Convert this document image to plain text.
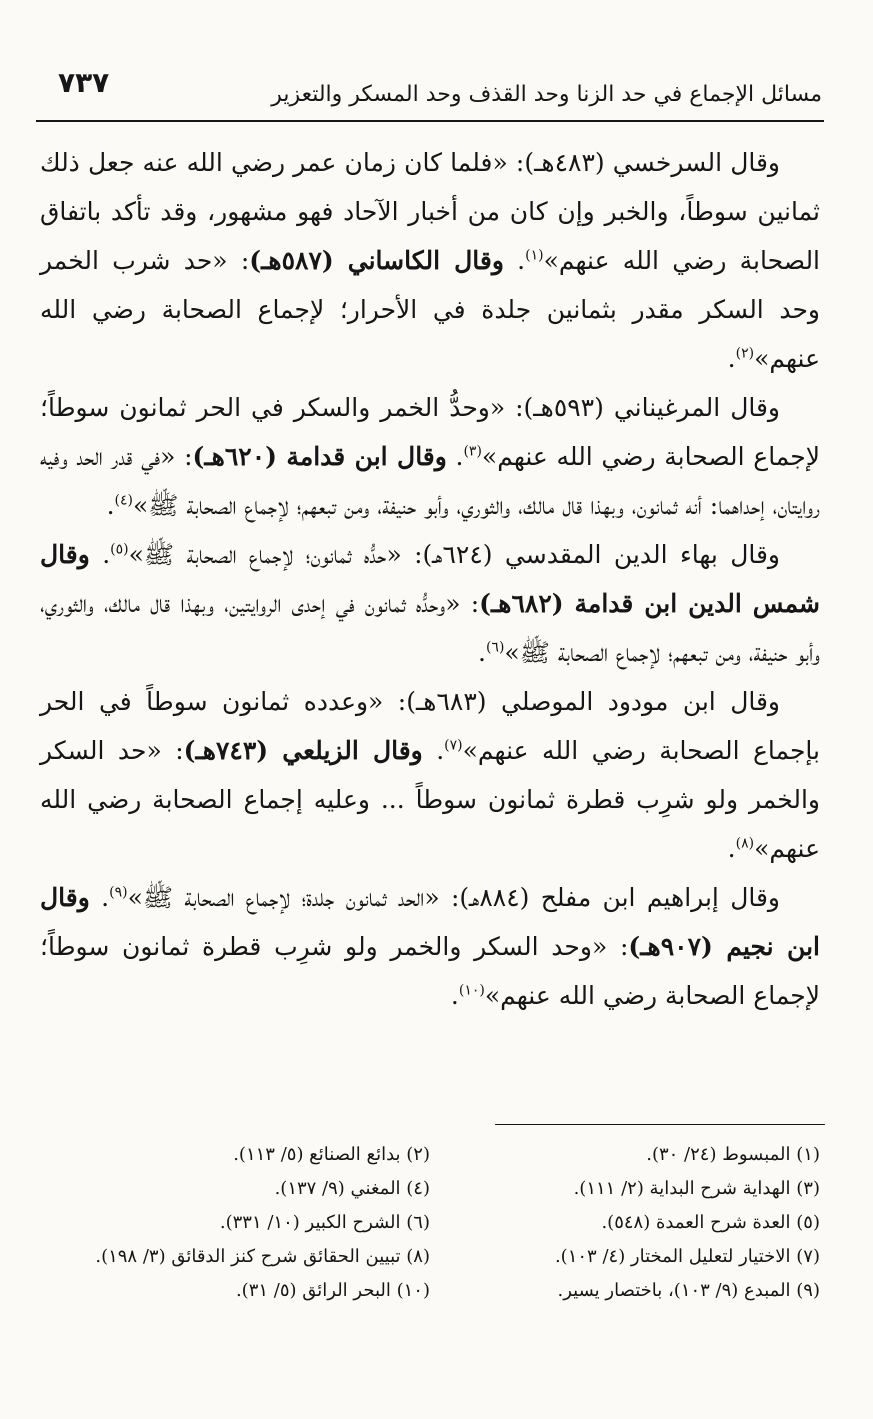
مسائل الإجماع في حد الزنا وحد القذف وحد المسكر والتعزير
٧٣٧

وقال السرخسي (٤٨٣هـ): «فلما كان زمان عمر رضي الله عنه جعل ذلك ثمانين سوطاً، والخبر وإن كان من أخبار الآحاد فهو مشهور، وقد تأكد باتفاق الصحابة رضي الله عنهم»$^{(١)}$. وقال الكاساني (٥٨٧هـ): «حد شرب الخمر وحد السكر مقدر بثمانين جلدة في الأحرار؛ لإجماع الصحابة رضي الله عنهم»$^{(٢)}$.

وقال المرغيناني (٥٩٣هـ): «وحدُّ الخمر والسكر في الحر ثمانون سوطاً؛ لإجماع الصحابة رضي الله عنهم»$^{(٣)}$. وقال ابن قدامة (٦٢٠هـ): «في قدر الحد وفيه روايتان، إحداهما: أنه ثمانون، وبهذا قال مالك، والثوري، وأبو حنيفة، ومن تبعهم؛ لإجماع الصحابة ﷺ»$^{(٤)}$.

وقال بهاء الدين المقدسي (٦٢٤هـ): «حدُّه ثمانون؛ لإجماع الصحابة ﷺ»$^{(٥)}$. وقال شمس الدين ابن قدامة (٦٨٢هـ): «وحدُّه ثمانون في إحدى الروايتين، وبهذا قال مالك، والثوري، وأبو حنيفة، ومن تبعهم؛ لإجماع الصحابة ﷺ»$^{(٦)}$.

وقال ابن مودود الموصلي (٦٨٣هـ): «وعدده ثمانون سوطاً في الحر بإجماع الصحابة رضي الله عنهم»$^{(٧)}$. وقال الزيلعي (٧٤٣هـ): «حد السكر والخمر ولو شرِب قطرة ثمانون سوطاً ... وعليه إجماع الصحابة رضي الله عنهم»$^{(٨)}$.

وقال إبراهيم ابن مفلح (٨٨٤هـ): «الحد ثمانون جلدة؛ لإجماع الصحابة ﷺ»$^{(٩)}$. وقال ابن نجيم (٩٠٧هـ): «وحد السكر والخمر ولو شرِب قطرة ثمانون سوطاً؛ لإجماع الصحابة رضي الله عنهم»$^{(١٠)}$.

(١) المبسوط (٢٤/ ٣٠).
(٢) بدائع الصنائع (٥/ ١١٣).
(٣) الهداية شرح البداية (٢/ ١١١).
(٤) المغني (٩/ ١٣٧).
(٥) العدة شرح العمدة (٥٤٨).
(٦) الشرح الكبير (١٠/ ٣٣١).
(٧) الاختيار لتعليل المختار (٤/ ١٠٣).
(٨) تبيين الحقائق شرح كنز الدقائق (٣/ ١٩٨).
(٩) المبدع (٩/ ١٠٣)، باختصار يسير.
(١٠) البحر الرائق (٥/ ٣١).
